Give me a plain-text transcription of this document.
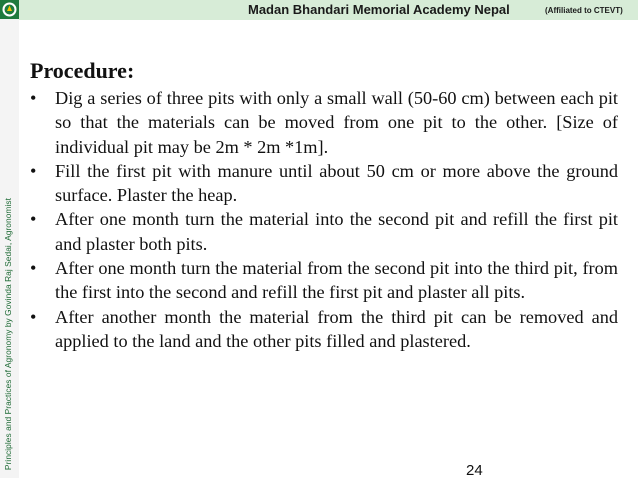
Principles and Practices of Agronomy by Govinda Raj Sedai, Agronomist
Madan Bhandari Memorial Academy Nepal	(Affiliated to CTEVT)
Procedure:
• Dig a series of three pits with only a small wall (50-60 cm) between each pit so that the materials can be moved from one pit to the other. [Size of individual pit may be 2m * 2m *1m].
• Fill the first pit with manure until about 50 cm or more above the ground surface. Plaster the heap.
• After one month turn the material into the second pit and refill the first pit and plaster both pits.
• After one month turn the material from the second pit into the third pit, from the first into the second and refill the first pit and plaster all pits.
• After another month the material from the third pit can be removed and applied to the land and the other pits filled and plastered.
24
